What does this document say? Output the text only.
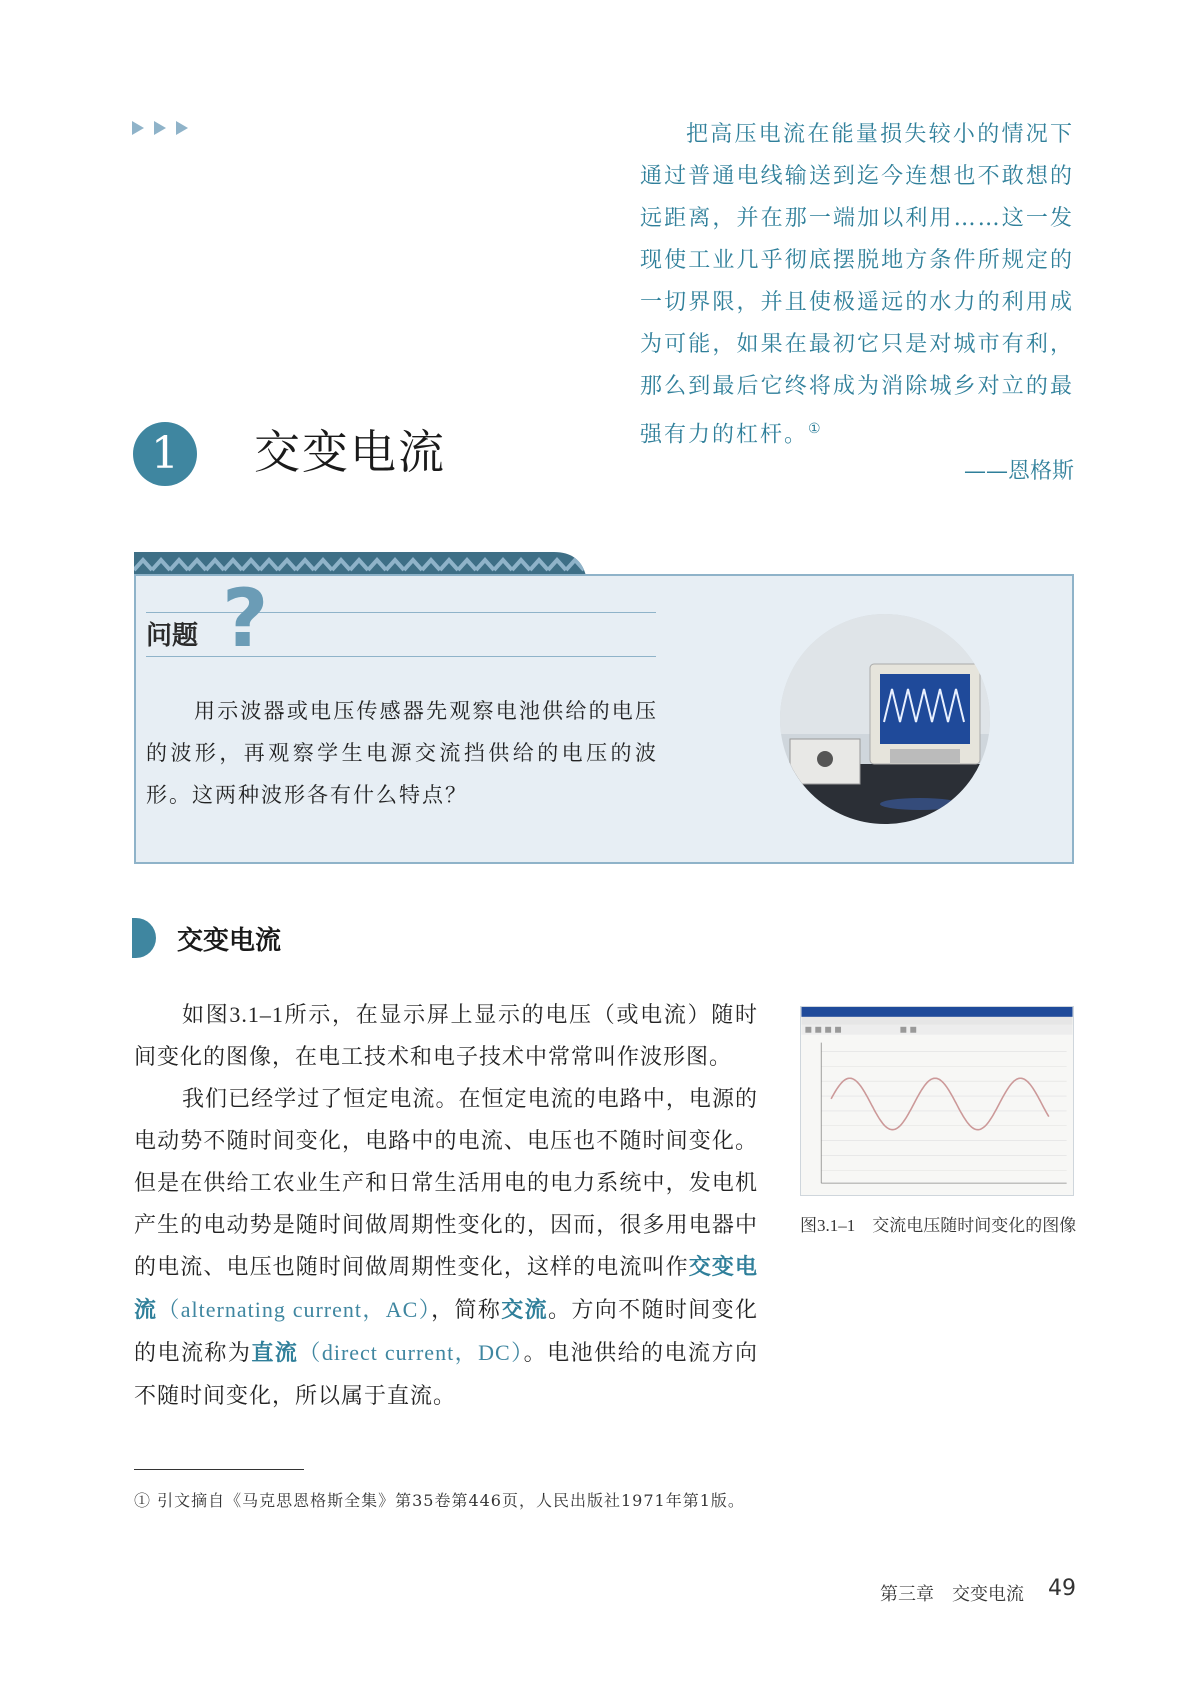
把高压电流在能量损失较小的情况下通过普通电线输送到迄今连想也不敢想的远距离，并在那一端加以利用……这一发现使工业几乎彻底摆脱地方条件所规定的一切界限，并且使极遥远的水力的利用成为可能，如果在最初它只是对城市有利，那么到最后它终将成为消除城乡对立的最强有力的杠杆。①

——恩格斯
1	交变电流
?
问题

用示波器或电压传感器先观察电池供给的电压的波形，再观察学生电源交流挡供给的电压的波形。这两种波形各有什么特点？

交变电流

如图3.1–1所示，在显示屏上显示的电压（或电流）随时间变化的图像，在电工技术和电子技术中常常叫作波形图。

我们已经学过了恒定电流。在恒定电流的电路中，电源的电动势不随时间变化，电路中的电流、电压也不随时间变化。但是在供给工农业生产和日常生活用电的电力系统中，发电机产生的电动势是随时间做周期性变化的，因而，很多用电器中的电流、电压也随时间做周期性变化，这样的电流叫作交变电流（alternating current，AC），简称交流。方向不随时间变化的电流称为直流（direct current，DC）。电池供给的电流方向不随时间变化，所以属于直流。

图3.1–1　交流电压随时间变化的图像
① 引文摘自《马克思恩格斯全集》第35卷第446页，人民出版社1971年第1版。
第三章　交变电流 49
